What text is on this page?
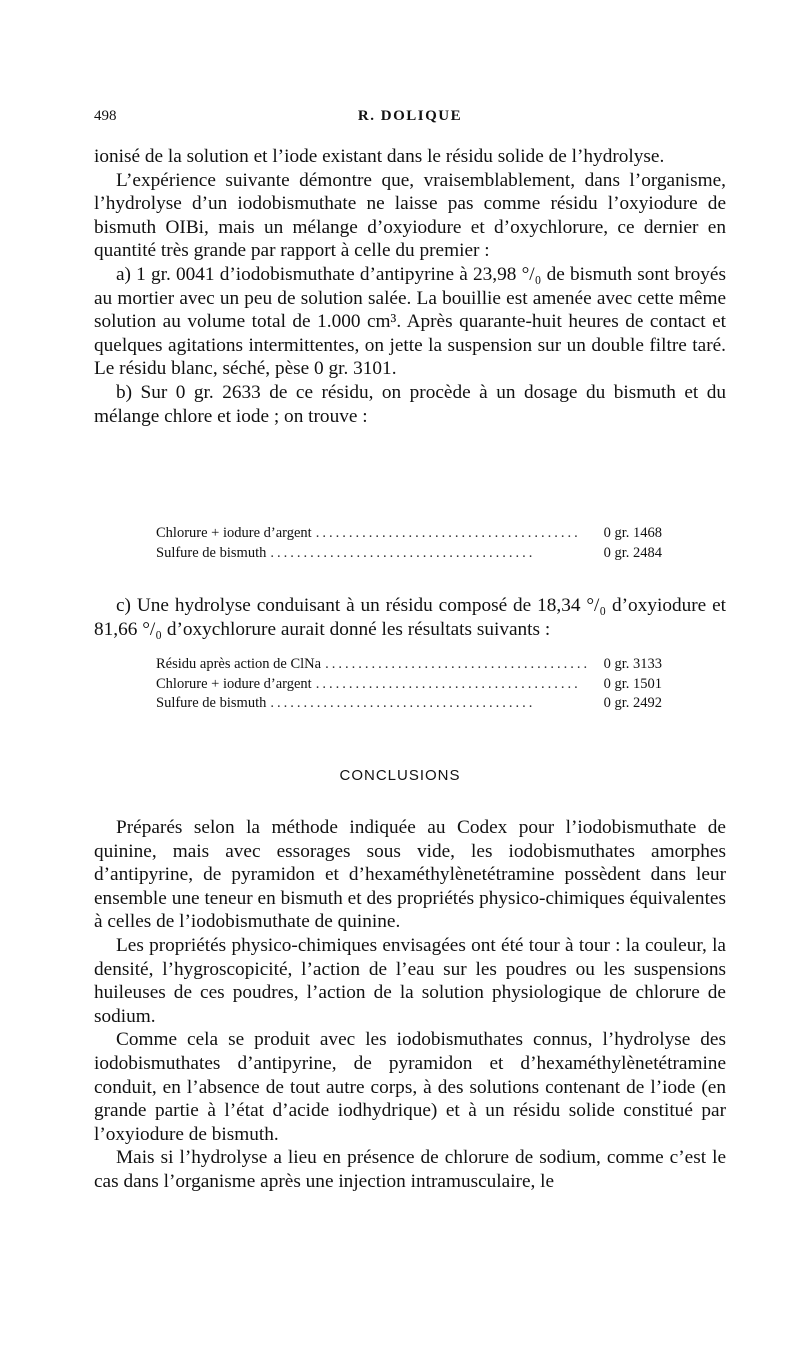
498	R. DOLIQUE

ionisé de la solution et l’iode existant dans le résidu solide de l’hydrolyse.

L’expérience suivante démontre que, vraisemblablement, dans l’organisme, l’hydrolyse d’un iodobismuthate ne laisse pas comme résidu l’oxyiodure de bismuth OIBi, mais un mélange d’oxyiodure et d’oxychlorure, ce dernier en quantité très grande par rapport à celle du premier :

a) 1 gr. 0041 d’iodobismuthate d’antipyrine à 23,98 °/₀ de bismuth sont broyés au mortier avec un peu de solution salée. La bouillie est amenée avec cette même solution au volume total de 1.000 cm³. Après quarante-huit heures de contact et quelques agitations intermittentes, on jette la suspension sur un double filtre taré. Le résidu blanc, séché, pèse 0 gr. 3101.

b) Sur 0 gr. 2633 de ce résidu, on procède à un dosage du bismuth et du mélange chlore et iode ; on trouve :

Chlorure + iodure d’argent ........................................	0 gr. 1468
Sulfure de bismuth ........................................	0 gr. 2484

c) Une hydrolyse conduisant à un résidu composé de 18,34 °/₀ d’oxyiodure et 81,66 °/₀ d’oxychlorure aurait donné les résultats suivants :

Résidu après action de ClNa ........................................ 0 gr. 3133
Chlorure + iodure d’argent ........................................	0 gr. 1501
Sulfure de bismuth ........................................	0 gr. 2492
CONCLUSIONS

Préparés selon la méthode indiquée au Codex pour l’iodobismuthate de quinine, mais avec essorages sous vide, les iodobismuthates amorphes d’antipyrine, de pyramidon et d’hexaméthylènetétramine possèdent dans leur ensemble une teneur en bismuth et des propriétés physico-chimiques équivalentes à celles de l’iodobismuthate de quinine.

Les propriétés physico-chimiques envisagées ont été tour à tour : la couleur, la densité, l’hygroscopicité, l’action de l’eau sur les poudres ou les suspensions huileuses de ces poudres, l’action de la solution physiologique de chlorure de sodium.

Comme cela se produit avec les iodobismuthates connus, l’hydrolyse des iodobismuthates d’antipyrine, de pyramidon et d’hexaméthylènetétramine conduit, en l’absence de tout autre corps, à des solutions contenant de l’iode (en grande partie à l’état d’acide iodhydrique) et à un résidu solide constitué par l’oxyiodure de bismuth.

Mais si l’hydrolyse a lieu en présence de chlorure de sodium, comme c’est le cas dans l’organisme après une injection intramusculaire, le
